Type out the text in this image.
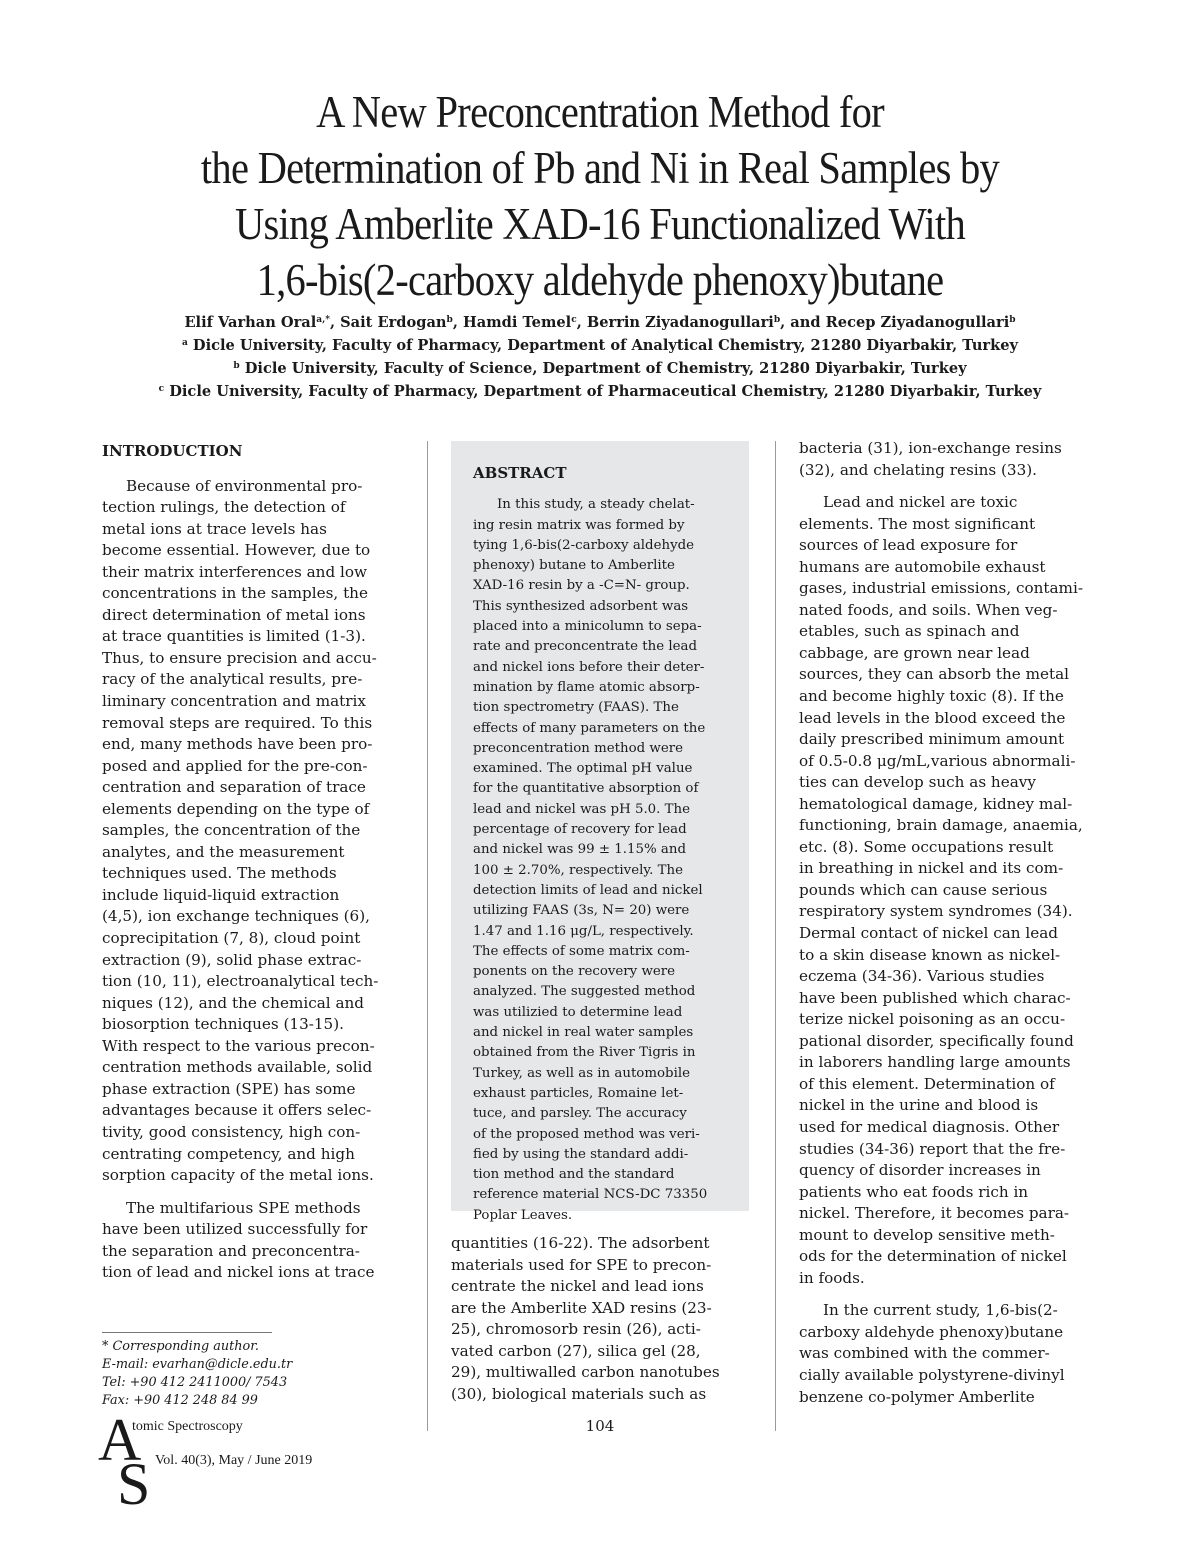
A New Preconcentration Method for
the Determination of Pb and Ni in Real Samples by
Using Amberlite XAD-16 Functionalized With
1,6-bis(2-carboxy aldehyde phenoxy)butane
Elif Varhan Oral$^{a,*}$, Sait Erdogan$^b$, Hamdi Temel$^c$, Berrin Ziyadanogullari$^b$, and Recep Ziyadanogullari$^b$
$^a$ Dicle University, Faculty of Pharmacy, Department of Analytical Chemistry, 21280 Diyarbakir, Turkey
$^b$ Dicle University, Faculty of Science, Department of Chemistry, 21280 Diyarbakir, Turkey
$^c$ Dicle University, Faculty of Pharmacy, Department of Pharmaceutical Chemistry, 21280 Diyarbakir, Turkey

INTRODUCTION

Because of environmental pro-
tection rulings, the detection of
metal ions at trace levels has
become essential. However, due to
their matrix interferences and low
concentrations in the samples, the
direct determination of metal ions
at trace quantities is limited (1-3).
Thus, to ensure precision and accu-
racy of the analytical results, pre-
liminary concentration and matrix
removal steps are required. To this
end, many methods have been pro-
posed and applied for the pre-con-
centration and separation of trace
elements depending on the type of
samples, the concentration of the
analytes, and the measurement
techniques used. The methods
include liquid-liquid extraction
(4,5), ion exchange techniques (6),
coprecipitation (7, 8), cloud point
extraction (9), solid phase extrac-
tion (10, 11), electroanalytical tech-
niques (12), and the chemical and
biosorption techniques (13-15).
With respect to the various precon-
centration methods available, solid
phase extraction (SPE) has some
advantages because it offers selec-
tivity, good consistency, high con-
centrating competency, and high
sorption capacity of the metal ions.

The multifarious SPE methods
have been utilized successfully for
the separation and preconcentra-
tion of lead and nickel ions at trace

ABSTRACT

In this study, a steady chelat-
ing resin matrix was formed by
tying 1,6-bis(2-carboxy aldehyde
phenoxy) butane to Amberlite
XAD-16 resin by a -C=N- group.
This synthesized adsorbent was
placed into a minicolumn to sepa-
rate and preconcentrate the lead
and nickel ions before their deter-
mination by flame atomic absorp-
tion spectrometry (FAAS). The
effects of many parameters on the
preconcentration method were
examined. The optimal pH value
for the quantitative absorption of
lead and nickel was pH 5.0. The
percentage of recovery for lead
and nickel was 99 ± 1.15% and
100 ± 2.70%, respectively. The
detection limits of lead and nickel
utilizing FAAS (3s, N= 20) were
1.47 and 1.16 μg/L, respectively.
The effects of some matrix com-
ponents on the recovery were
analyzed. The suggested method
was utilizied to determine lead
and nickel in real water samples
obtained from the River Tigris in
Turkey, as well as in automobile
exhaust particles, Romaine let-
tuce, and parsley. The accuracy
of the proposed method was veri-
fied by using the standard addi-
tion method and the standard
reference material NCS-DC 73350
Poplar Leaves.

quantities (16-22). The adsorbent
materials used for SPE to precon-
centrate the nickel and lead ions
are the Amberlite XAD resins (23-
25), chromosorb resin (26), acti-
vated carbon (27), silica gel (28,
29), multiwalled carbon nanotubes
(30), biological materials such as

bacteria (31), ion-exchange resins
(32), and chelating resins (33).

Lead and nickel are toxic
elements. The most significant
sources of lead exposure for
humans are automobile exhaust
gases, industrial emissions, contami-
nated foods, and soils. When veg-
etables, such as spinach and
cabbage, are grown near lead
sources, they can absorb the metal
and become highly toxic (8). If the
lead levels in the blood exceed the
daily prescribed minimum amount
of 0.5-0.8 μg/mL,various abnormali-
ties can develop such as heavy
hematological damage, kidney mal-
functioning, brain damage, anaemia,
etc. (8). Some occupations result
in breathing in nickel and its com-
pounds which can cause serious
respiratory system syndromes (34).
Dermal contact of nickel can lead
to a skin disease known as nickel-
eczema (34-36). Various studies
have been published which charac-
terize nickel poisoning as an occu-
pational disorder, specifically found
in laborers handling large amounts
of this element. Determination of
nickel in the urine and blood is
used for medical diagnosis. Other
studies (34-36) report that the fre-
quency of disorder increases in
patients who eat foods rich in
nickel. Therefore, it becomes para-
mount to develop sensitive meth-
ods for the determination of nickel
in foods.

In the current study, 1,6-bis(2-
carboxy aldehyde phenoxy)butane
was combined with the commer-
cially available polystyrene-divinyl
benzene co-polymer Amberlite

* Corresponding author.
E-mail: evarhan@dicle.edu.tr
Tel: +90 412 2411000/ 7543
Fax: +90 412 248 84 99
A
S
tomic Spectroscopy
Vol. 40(3), May / June 2019
104
